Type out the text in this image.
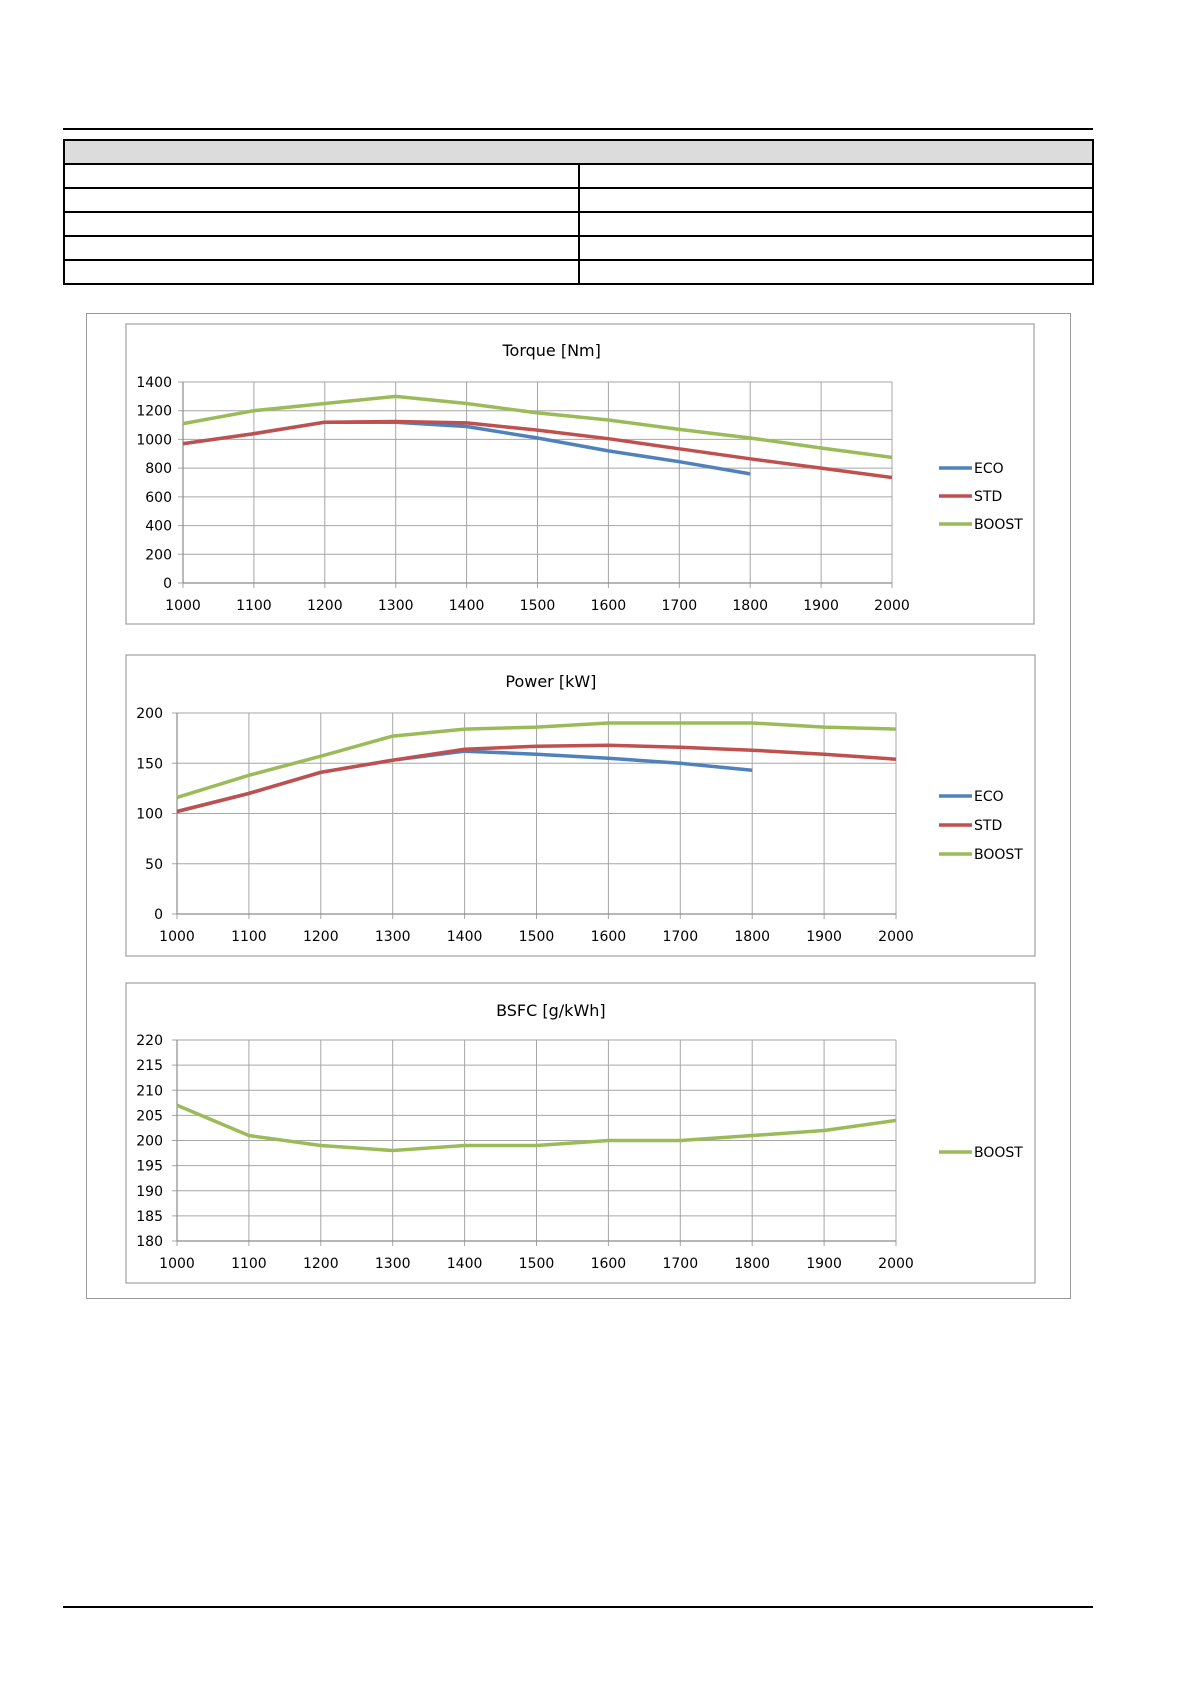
Torque [Nm]
0
200
400
600
800
1000
1200
1400
1000	1100	1200	1300	1400	1500	1600	1700	1800	1900	2000
ECO
STD
BOOST
Power [kW]
0
50
100
150
200
1000	1100	1200	1300	1400	1500	1600	1700	1800	1900	2000
ECO
STD
BOOST
BSFC [g/kWh]
180
185
190
195
200
205
210
215
220
1000	1100	1200	1300	1400	1500	1600	1700	1800	1900	2000
BOOST
